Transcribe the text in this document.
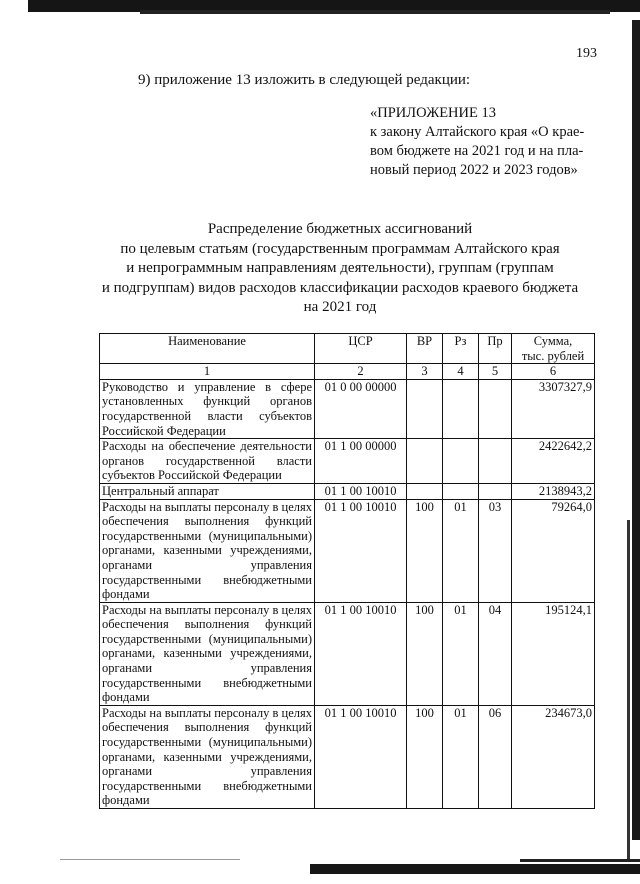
193
9) приложение 13 изложить в следующей редакции:
«ПРИЛОЖЕНИЕ 13
к закону Алтайского края «О крае-
вом бюджете на 2021 год и на пла-
новый период 2022 и 2023 годов»
Распределение бюджетных ассигнований
по целевым статьям (государственным программам Алтайского края
и непрограммным направлениям деятельности), группам (группам
и подгруппам) видов расходов классификации расходов краевого бюджета
на 2021 год
Наименование	ЦСР	ВР	Рз	Пр	Сумма,
тыс. рублей

1	2	3	4	5	6
Руководство и управление в сфере установленных функций органов государственной власти субъектов Российской Федерации	01 0 00 00000				3307327,9
Расходы на обеспечение деятельности органов государственной власти субъектов Российской Федерации	01 1 00 00000				2422642,2
Центральный аппарат	01 1 00 10010				2138943,2
Расходы на выплаты персоналу в целях обеспечения выполнения функций государственными (муниципальными) органами, казенными учреждениями, органами управления государственными внебюджетными фондами	01 1 00 10010	100	01	03	79264,0
Расходы на выплаты персоналу в целях обеспечения выполнения функций государственными (муниципальными) органами, казенными учреждениями, органами управления государственными внебюджетными фондами	01 1 00 10010	100	01	04	195124,1
Расходы на выплаты персоналу в целях обеспечения выполнения функций государственными (муниципальными) органами, казенными учреждениями, органами управления государственными внебюджетными фондами	01 1 00 10010	100	01	06	234673,0
